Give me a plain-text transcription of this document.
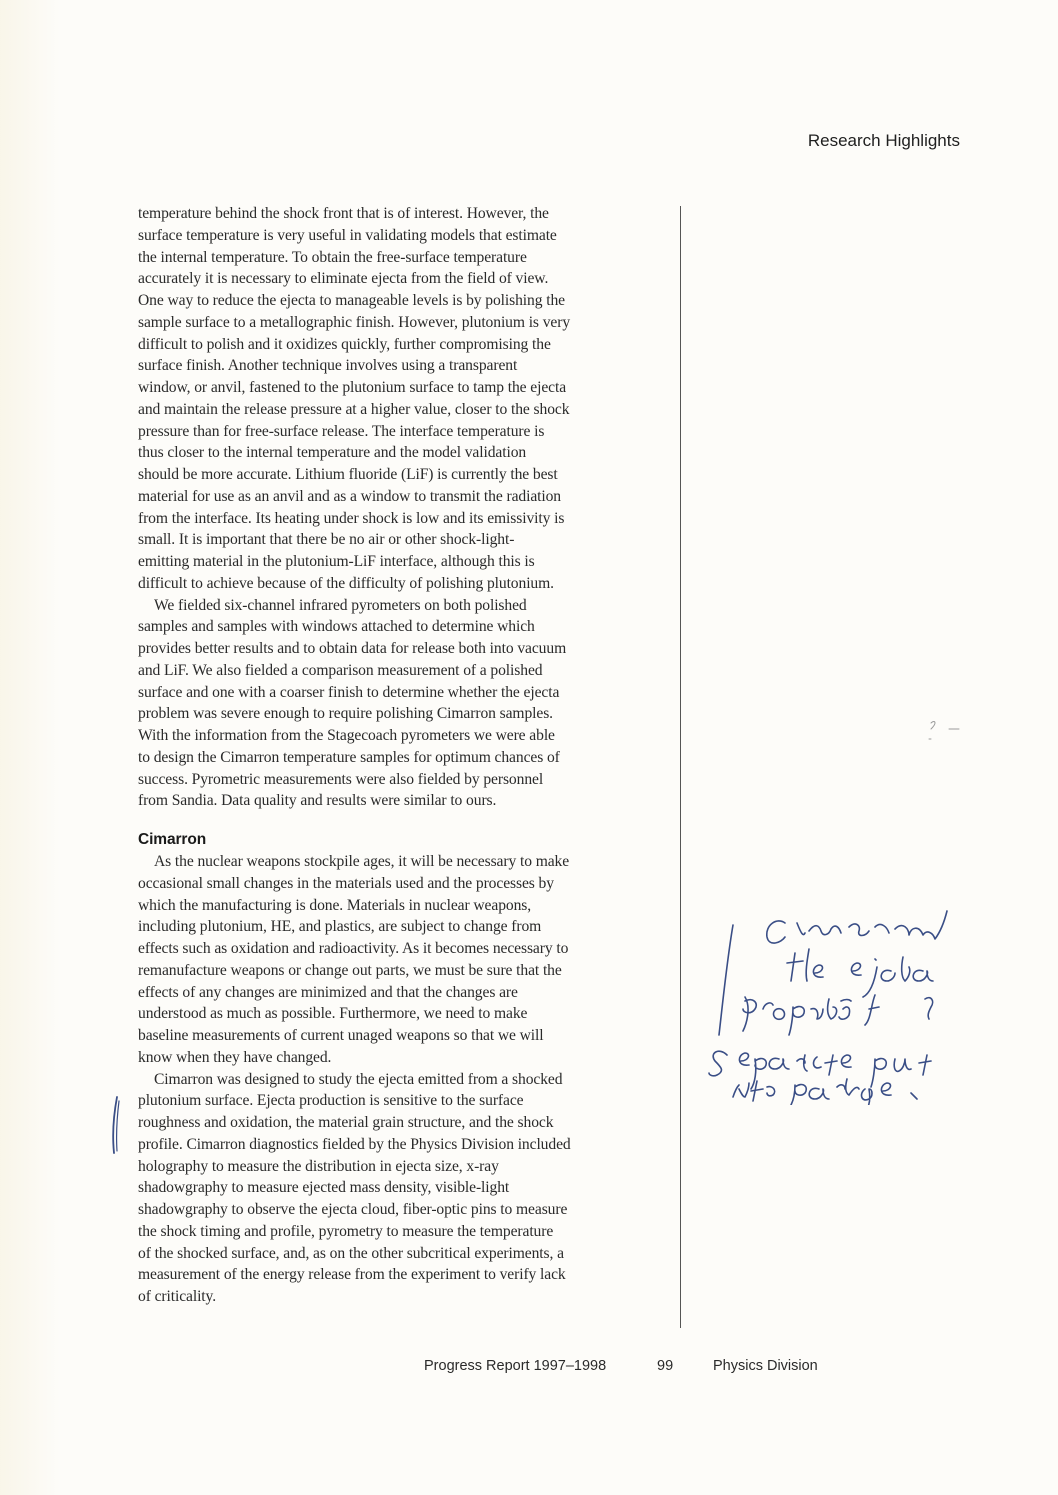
Research Highlights
temperature behind the shock front that is of interest. However, the
surface temperature is very useful in validating models that estimate
the internal temperature. To obtain the free-surface temperature
accurately it is necessary to eliminate ejecta from the field of view.
One way to reduce the ejecta to manageable levels is by polishing the
sample surface to a metallographic finish. However, plutonium is very
difficult to polish and it oxidizes quickly, further compromising the
surface finish. Another technique involves using a transparent
window, or anvil, fastened to the plutonium surface to tamp the ejecta
and maintain the release pressure at a higher value, closer to the shock
pressure than for free-surface release. The interface temperature is
thus closer to the internal temperature and the model validation
should be more accurate. Lithium fluoride (LiF) is currently the best
material for use as an anvil and as a window to transmit the radiation
from the interface. Its heating under shock is low and its emissivity is
small. It is important that there be no air or other shock-light-
emitting material in the plutonium-LiF interface, although this is
difficult to achieve because of the difficulty of polishing plutonium.
We fielded six-channel infrared pyrometers on both polished
samples and samples with windows attached to determine which
provides better results and to obtain data for release both into vacuum
and LiF. We also fielded a comparison measurement of a polished
surface and one with a coarser finish to determine whether the ejecta
problem was severe enough to require polishing Cimarron samples.
With the information from the Stagecoach pyrometers we were able
to design the Cimarron temperature samples for optimum chances of
success. Pyrometric measurements were also fielded by personnel
from Sandia. Data quality and results were similar to ours.
Cimarron
As the nuclear weapons stockpile ages, it will be necessary to make
occasional small changes in the materials used and the processes by
which the manufacturing is done. Materials in nuclear weapons,
including plutonium, HE, and plastics, are subject to change from
effects such as oxidation and radioactivity. As it becomes necessary to
remanufacture weapons or change out parts, we must be sure that the
effects of any changes are minimized and that the changes are
understood as much as possible. Furthermore, we need to make
baseline measurements of current unaged weapons so that we will
know when they have changed.
Cimarron was designed to study the ejecta emitted from a shocked
plutonium surface. Ejecta production is sensitive to the surface
roughness and oxidation, the material grain structure, and the shock
profile. Cimarron diagnostics fielded by the Physics Division included
holography to measure the distribution in ejecta size, x-ray
shadowgraphy to measure ejected mass density, visible-light
shadowgraphy to observe the ejecta cloud, fiber-optic pins to measure
the shock timing and profile, pyrometry to measure the temperature
of the shocked surface, and, as on the other subcritical experiments, a
measurement of the energy release from the experiment to verify lack
of criticality.
Progress Report 1997–1998	99	Physics Division
